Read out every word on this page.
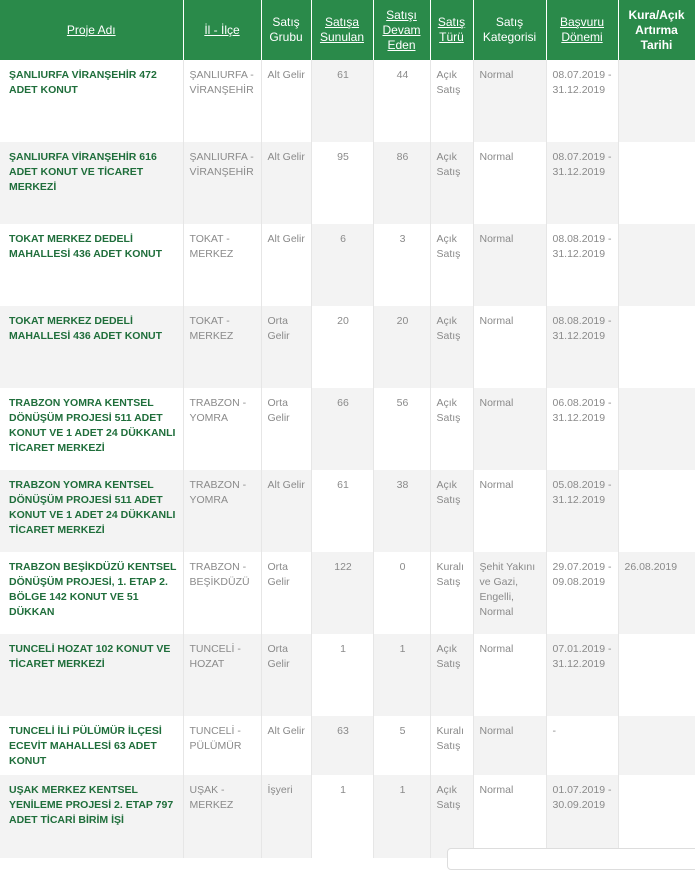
Proje Adı	İl - İlçe	Satış Grubu	Satışa Sunulan	Satışı Devam Eden	Satış Türü	Satış Kategorisi	Başvuru Dönemi	Kura/Açık Artırma Tarihi	
ŞANLIURFA VİRANŞEHİR 472 ADET KONUT	ŞANLIURFA - VİRANŞEHİR	Alt Gelir	61	44	Açık Satış	Normal	08.07.2019 - 31.12.2019		
ŞANLIURFA VİRANŞEHİR 616 ADET KONUT VE TİCARET MERKEZİ	ŞANLIURFA - VİRANŞEHİR	Alt Gelir	95	86	Açık Satış	Normal	08.07.2019 - 31.12.2019		
TOKAT MERKEZ DEDELİ MAHALLESİ 436 ADET KONUT	TOKAT - MERKEZ	Alt Gelir	6	3	Açık Satış	Normal	08.08.2019 - 31.12.2019		
TOKAT MERKEZ DEDELİ MAHALLESİ 436 ADET KONUT	TOKAT - MERKEZ	Orta Gelir	20	20	Açık Satış	Normal	08.08.2019 - 31.12.2019		
TRABZON YOMRA KENTSEL DÖNÜŞÜM PROJESİ 511 ADET KONUT VE 1 ADET 24 DÜKKANLI TİCARET MERKEZİ	TRABZON - YOMRA	Orta Gelir	66	56	Açık Satış	Normal	06.08.2019 - 31.12.2019		
TRABZON YOMRA KENTSEL DÖNÜŞÜM PROJESİ 511 ADET KONUT VE 1 ADET 24 DÜKKANLI TİCARET MERKEZİ	TRABZON - YOMRA	Alt Gelir	61	38	Açık Satış	Normal	05.08.2019 - 31.12.2019		
TRABZON BEŞİKDÜZÜ KENTSEL DÖNÜŞÜM PROJESİ, 1. ETAP 2. BÖLGE 142 KONUT VE 51 DÜKKAN	TRABZON - BEŞİKDÜZÜ	Orta Gelir	122	0	Kuralı Satış	Şehit Yakını ve Gazi, Engelli, Normal	29.07.2019 - 09.08.2019	26.08.2019	
TUNCELİ HOZAT 102 KONUT VE TİCARET MERKEZİ	TUNCELİ - HOZAT	Orta Gelir	1	1	Açık Satış	Normal	07.01.2019 - 31.12.2019		
TUNCELİ İLİ PÜLÜMÜR İLÇESİ ECEVİT MAHALLESİ 63 ADET KONUT	TUNCELİ - PÜLÜMÜR	Alt Gelir	63	5	Kuralı Satış	Normal	-		
UŞAK MERKEZ KENTSEL YENİLEME PROJESİ 2. ETAP 797 ADET TİCARİ BİRİM İŞİ	UŞAK - MERKEZ	İşyeri	1	1	Açık Satış	Normal	01.07.2019 - 30.09.2019		
